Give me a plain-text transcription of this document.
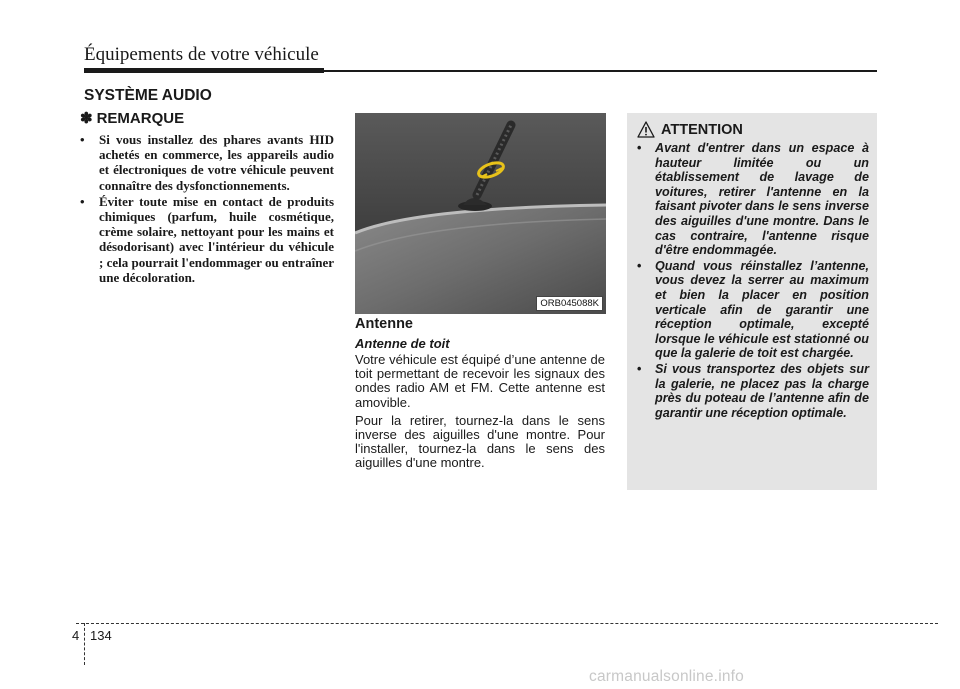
Équipements de votre véhicule
SYSTÈME AUDIO
✽ REMARQUE
• Si vous installez des phares avants HID achetés en commerce, les appareils audio et électroniques de votre véhicule peuvent connaître des dysfonctionnements.
• Éviter toute mise en contact de produits chimiques (parfum, huile cosmétique, crème solaire, nettoyant pour les mains et désodorisant) avec l'intérieur du véhicule ; cela pourrait l'endommager ou entraîner une décoloration.
ORB045088K
Antenne
Antenne de toit

Votre véhicule est équipé d’une antenne de toit permettant de recevoir les signaux des ondes radio AM et FM. Cette antenne est amovible.

Pour la retirer, tournez-la dans le sens inverse des aiguilles d'une montre. Pour l'installer, tournez-la dans le sens des aiguilles d'une montre.

ATTENTION
• Avant d'entrer dans un espace à hauteur limitée ou un établissement de lavage de voitures, retirer l'antenne en la faisant pivoter dans le sens inverse des aiguilles d'une montre. Dans le cas contraire, l'antenne risque d'être endommagée.
• Quand vous réinstallez l’antenne, vous devez la serrer au maximum et bien la placer en position verticale afin de garantir une réception optimale, excepté lorsque le véhicule est stationné ou que la galerie de toit est chargée.
• Si vous transportez des objets sur la galerie, ne placez pas la charge près du poteau de l’antenne afin de garantir une réception optimale.
4 134
carmanualsonline.info
